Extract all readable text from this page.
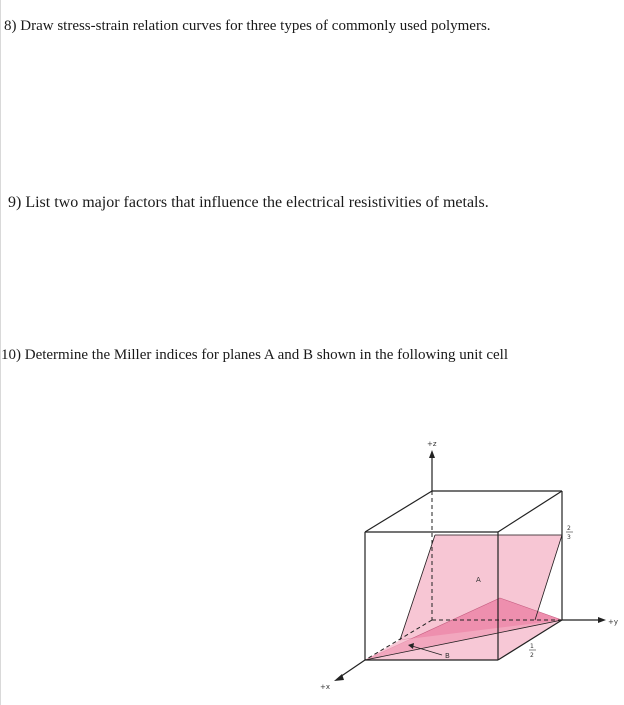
8) Draw stress-strain relation curves for three types of commonly used polymers.
9) List two major factors that influence the electrical resistivities of metals.
10) Determine the Miller indices for planes A and B shown in the following unit cell
+z
+y
+x
A
B
2
3
1
2
